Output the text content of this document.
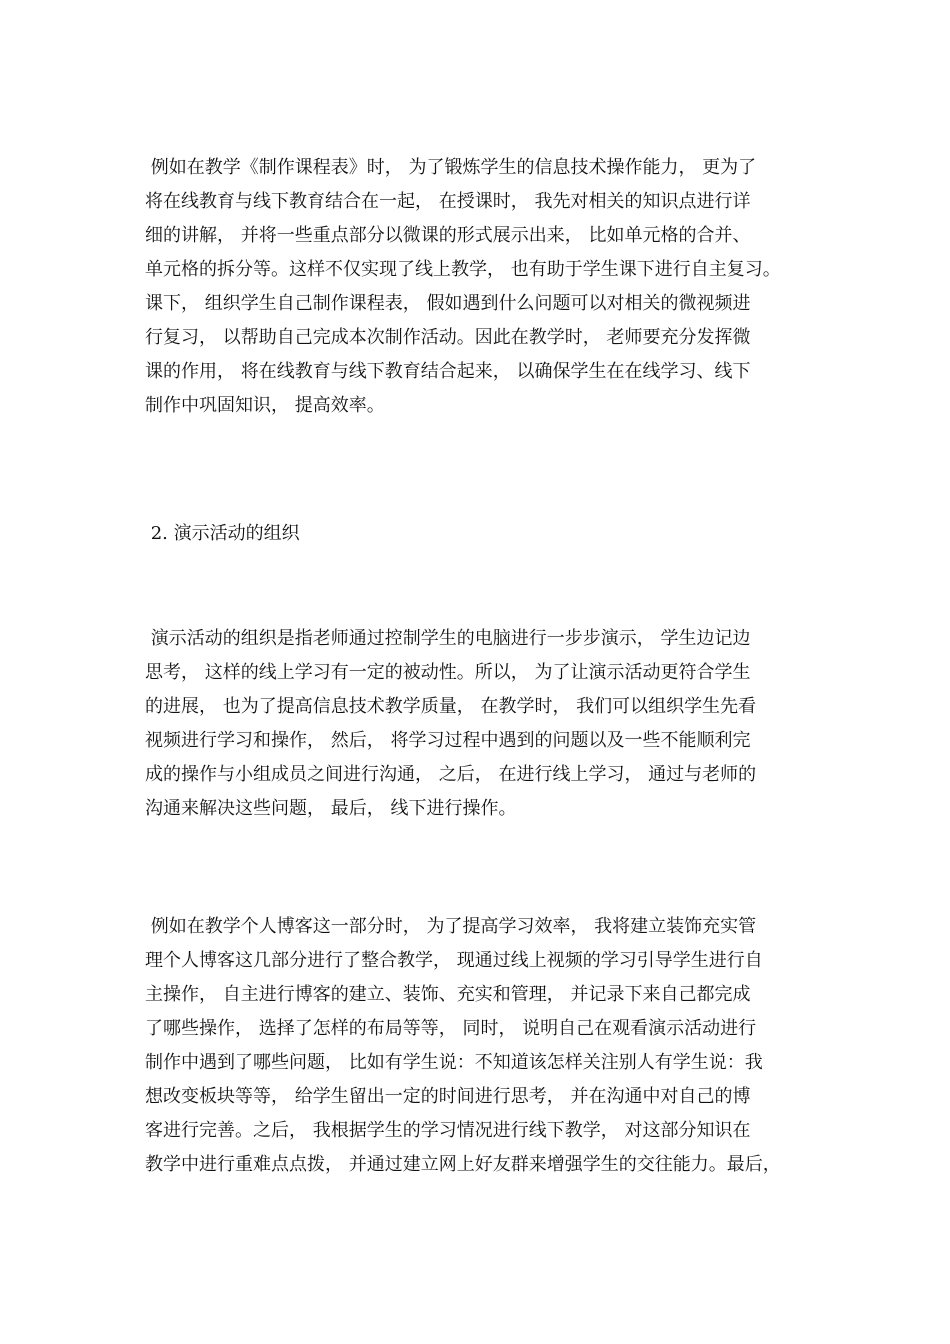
例如在教学《制作课程表》时， 为了锻炼学生的信息技术操作能力， 更为了
将在线教育与线下教育结合在一起， 在授课时， 我先对相关的知识点进行详
细的讲解， 并将一些重点部分以微课的形式展示出来， 比如单元格的合并、
单元格的拆分等。这样不仅实现了线上教学， 也有助于学生课下进行自主复习。
课下， 组织学生自己制作课程表， 假如遇到什么问题可以对相关的微视频进
行复习， 以帮助自己完成本次制作活动。因此在教学时， 老师要充分发挥微
课的作用， 将在线教育与线下教育结合起来， 以确保学生在在线学习、线下
制作中巩固知识， 提高效率。
2. 演示活动的组织
演示活动的组织是指老师通过控制学生的电脑进行一步步演示， 学生边记边
思考， 这样的线上学习有一定的被动性。所以， 为了让演示活动更符合学生
的进展， 也为了提高信息技术教学质量， 在教学时， 我们可以组织学生先看
视频进行学习和操作， 然后， 将学习过程中遇到的问题以及一些不能顺利完
成的操作与小组成员之间进行沟通， 之后， 在进行线上学习， 通过与老师的
沟通来解决这些问题， 最后， 线下进行操作。
例如在教学个人博客这一部分时， 为了提高学习效率， 我将建立装饰充实管
理个人博客这几部分进行了整合教学， 现通过线上视频的学习引导学生进行自
主操作， 自主进行博客的建立、装饰、充实和管理， 并记录下来自己都完成
了哪些操作， 选择了怎样的布局等等， 同时， 说明自己在观看演示活动进行
制作中遇到了哪些问题， 比如有学生说：不知道该怎样关注别人有学生说：我
想改变板块等等， 给学生留出一定的时间进行思考， 并在沟通中对自己的博
客进行完善。之后， 我根据学生的学习情况进行线下教学， 对这部分知识在
教学中进行重难点点拨， 并通过建立网上好友群来增强学生的交往能力。最后，
